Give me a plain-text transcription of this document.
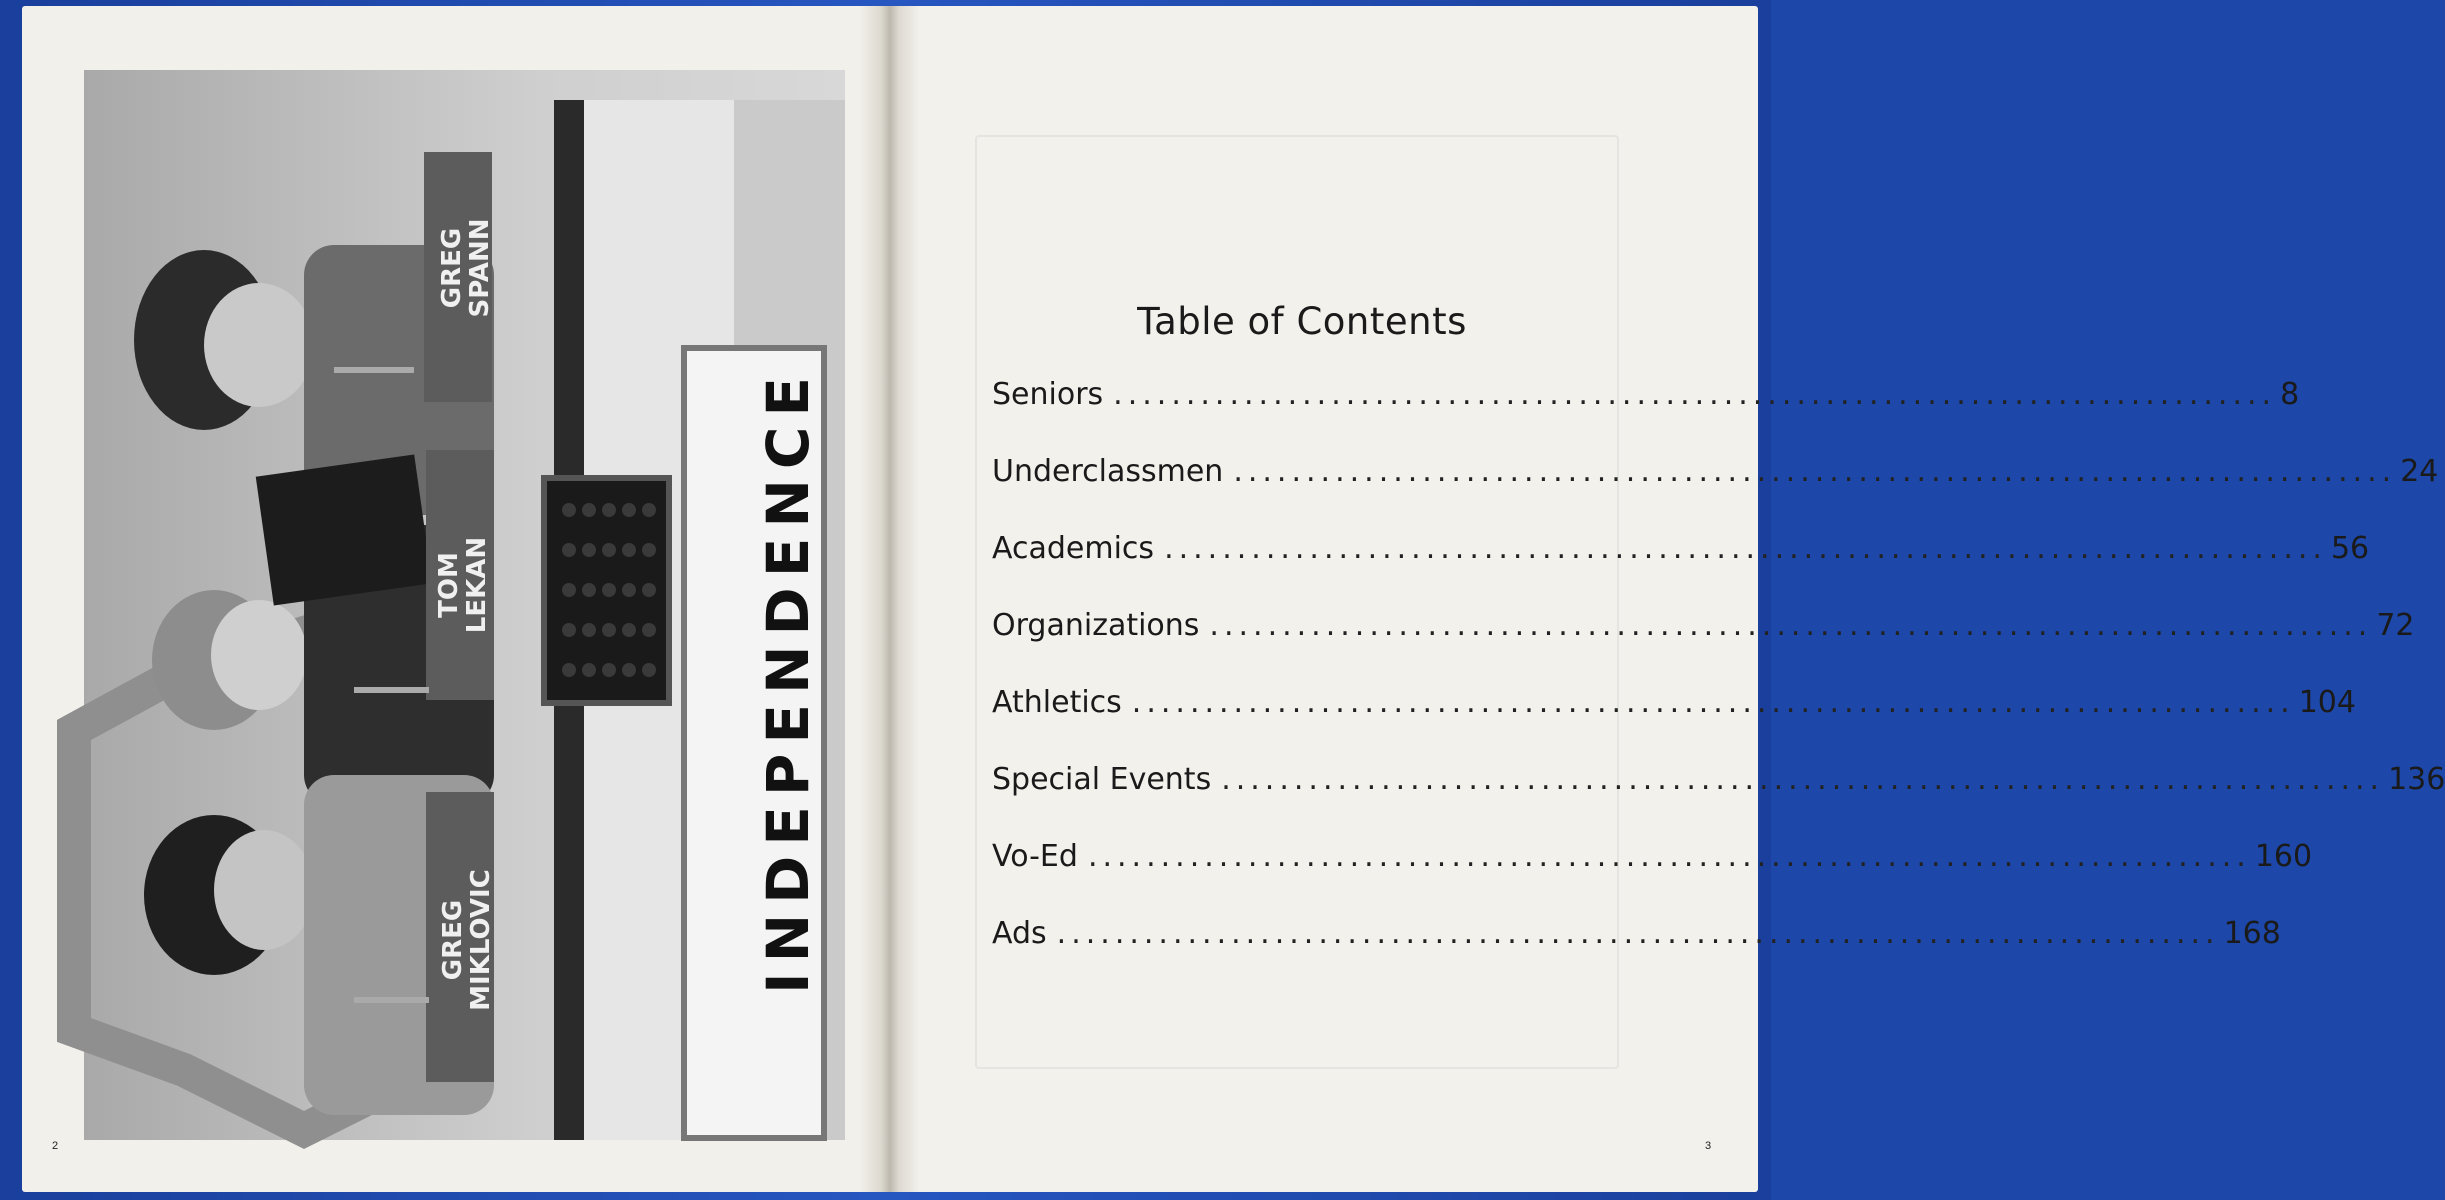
INDEPENDENCE
GREG
SPANN
TOM
LEKAN
GREG
MIKLOVIC
2
Table of Contents
Seniors ................................................................................ 8
Underclassmen ................................................................................ 24
Academics ................................................................................ 56
Organizations ................................................................................ 72
Athletics ................................................................................ 104
Special Events ................................................................................ 136
Vo-Ed ................................................................................ 160
Ads ................................................................................ 168
3
